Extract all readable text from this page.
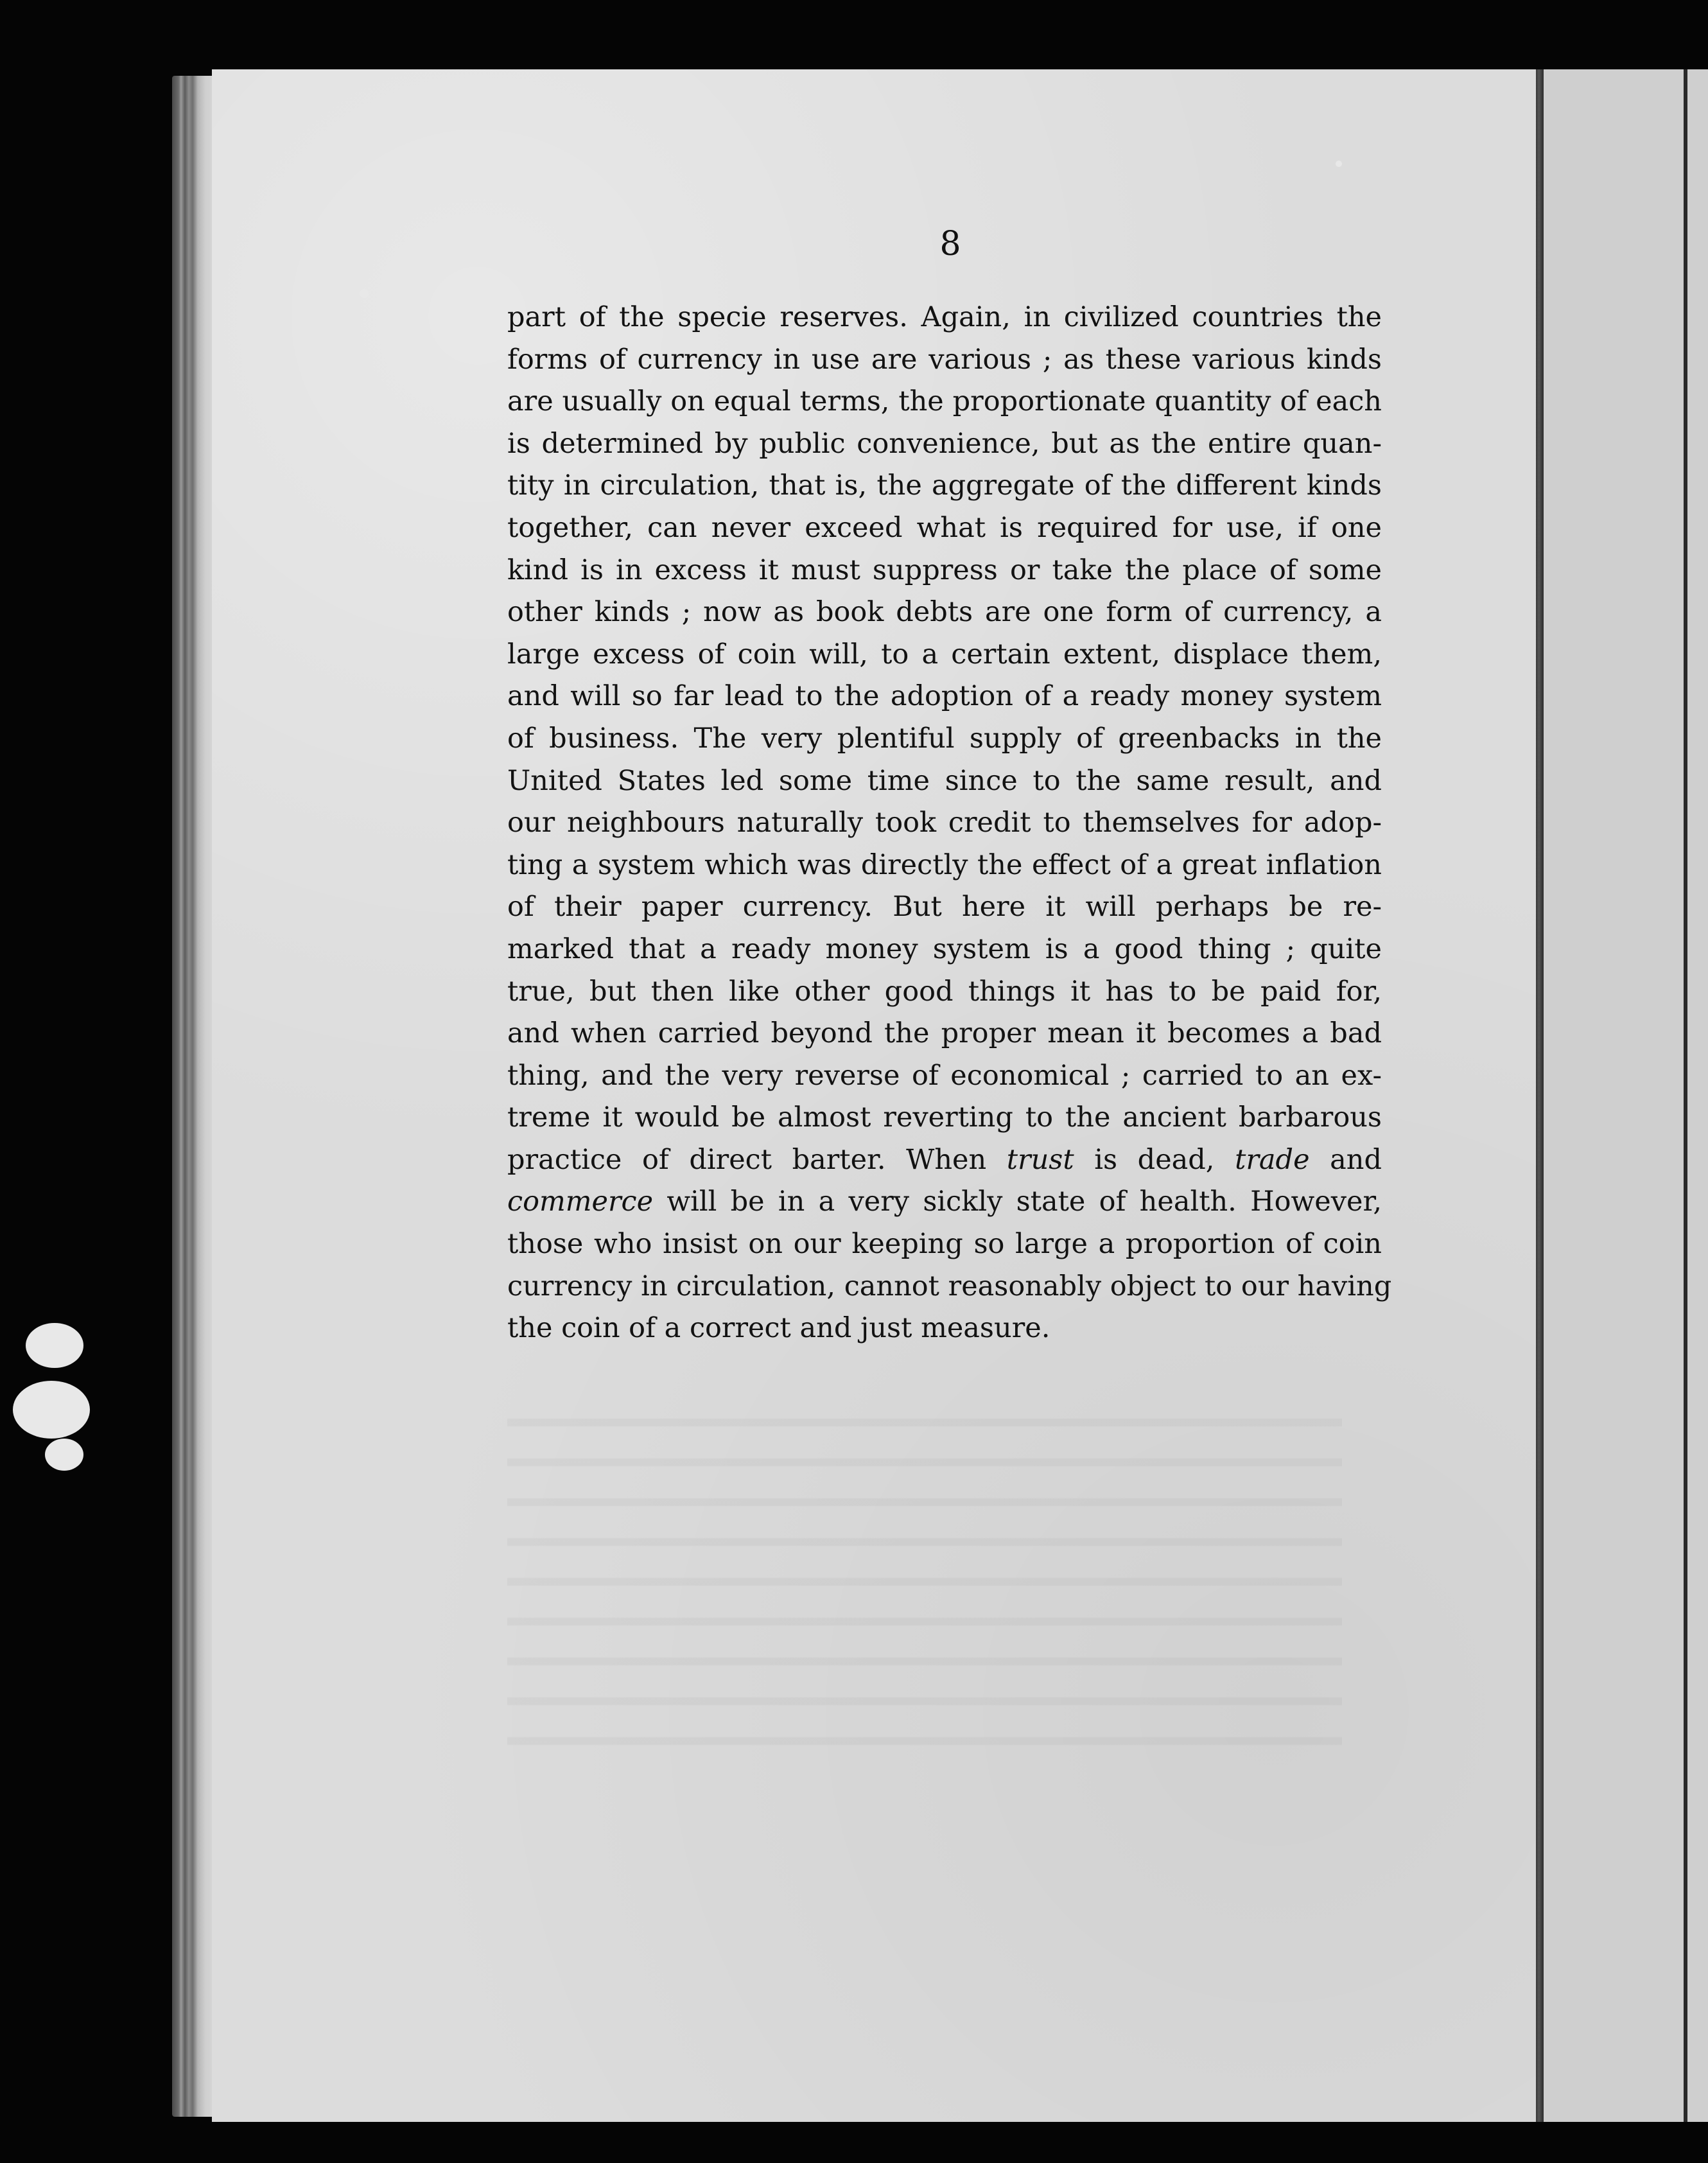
8
part of the specie reserves. Again, in civilized countries the
forms of currency in use are various ; as these various kinds
are usually on equal terms, the proportionate quantity of each
is determined by public convenience, but as the entire quan-
tity in circulation, that is, the aggregate of the different kinds
together, can never exceed what is required for use, if one
kind is in excess it must suppress or take the place of some
other kinds ; now as book debts are one form of currency, a
large excess of coin will, to a certain extent, displace them,
and will so far lead to the adoption of a ready money system
of business. The very plentiful supply of greenbacks in the
United States led some time since to the same result, and
our neighbours naturally took credit to themselves for adop-
ting a system which was directly the effect of a great inflation
of their paper currency. But here it will perhaps be re-
marked that a ready money system is a good thing ; quite
true, but then like other good things it has to be paid for,
and when carried beyond the proper mean it becomes a bad
thing, and the very reverse of economical ; carried to an ex-
treme it would be almost reverting to the ancient barbarous
practice of direct barter. When trust is dead, trade and
commerce will be in a very sickly state of health. However,
those who insist on our keeping so large a proportion of coin
currency in circulation, cannot reasonably object to our having
the coin of a correct and just measure.
